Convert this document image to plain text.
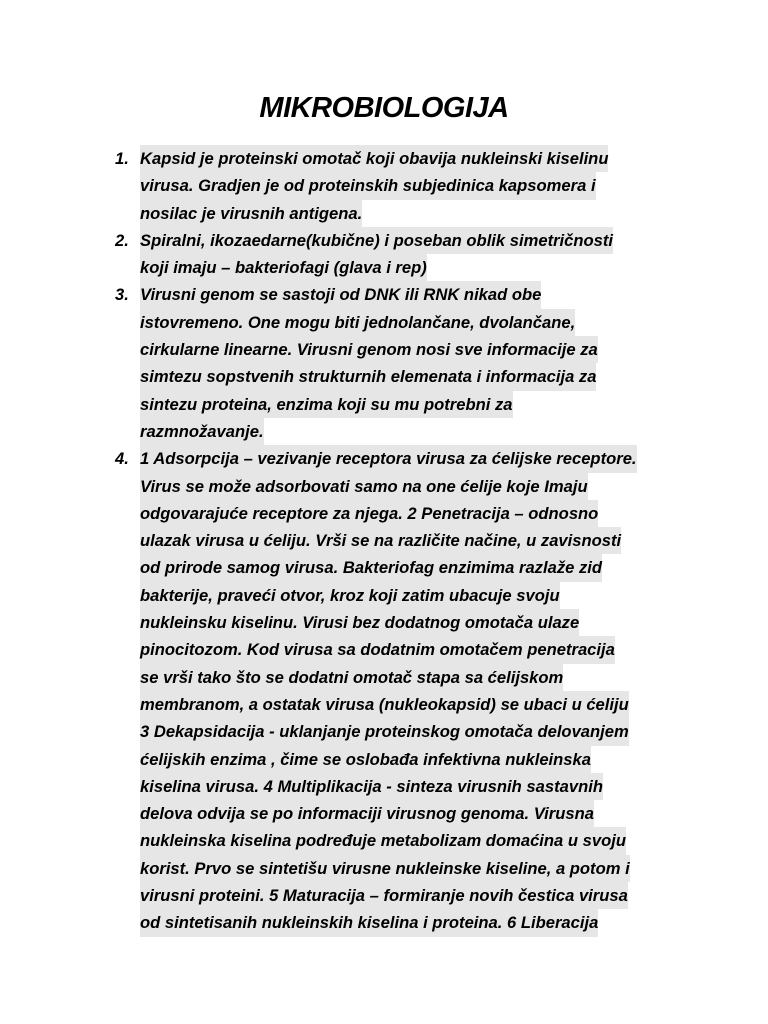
MIKROBIOLOGIJA
1. Kapsid je proteinski omotač koji obavija nukleinski kiselinu
virusa. Gradjen je od proteinskih subjedinica kapsomera i
nosilac je virusnih antigena.
2. Spiralni, ikozaedarne(kubične) i poseban oblik simetričnosti
koji imaju – bakteriofagi (glava i rep)
3. Virusni genom se sastoji od DNK ili RNK nikad obe
istovremeno. One mogu biti jednolančane, dvolančane,
cirkularne linearne. Virusni genom nosi sve informacije za
simtezu sopstvenih strukturnih elemenata i informacija za
sintezu proteina, enzima koji su mu potrebni za
razmnožavanje.
4. 1 Adsorpcija – vezivanje receptora virusa za ćelijske receptore.
Virus se može adsorbovati samo na one ćelije koje Imaju
odgovarajuće receptore za njega. 2 Penetracija – odnosno
ulazak virusa u ćeliju. Vrši se na različite načine, u zavisnosti
od prirode samog virusa. Bakteriofag enzimima razlaže zid
bakterije, praveći otvor, kroz koji zatim ubacuje svoju
nukleinsku kiselinu. Virusi bez dodatnog omotača ulaze
pinocitozom. Kod virusa sa dodatnim omotačem penetracija
se vrši tako što se dodatni omotač stapa sa ćelijskom
membranom, a ostatak virusa (nukleokapsid) se ubaci u ćeliju
3 Dekapsidacija - uklanjanje proteinskog omotača delovanjem
ćelijskih enzima , čime se oslobađa infektivna nukleinska
kiselina virusa. 4 Multiplikacija - sinteza virusnih sastavnih
delova odvija se po informaciji virusnog genoma. Virusna
nukleinska kiselina podređuje metabolizam domaćina u svoju
korist. Prvo se sintetišu virusne nukleinske kiseline, a potom i
virusni proteini. 5 Maturacija – formiranje novih čestica virusa
od sintetisanih nukleinskih kiselina i proteina. 6 Liberacija
